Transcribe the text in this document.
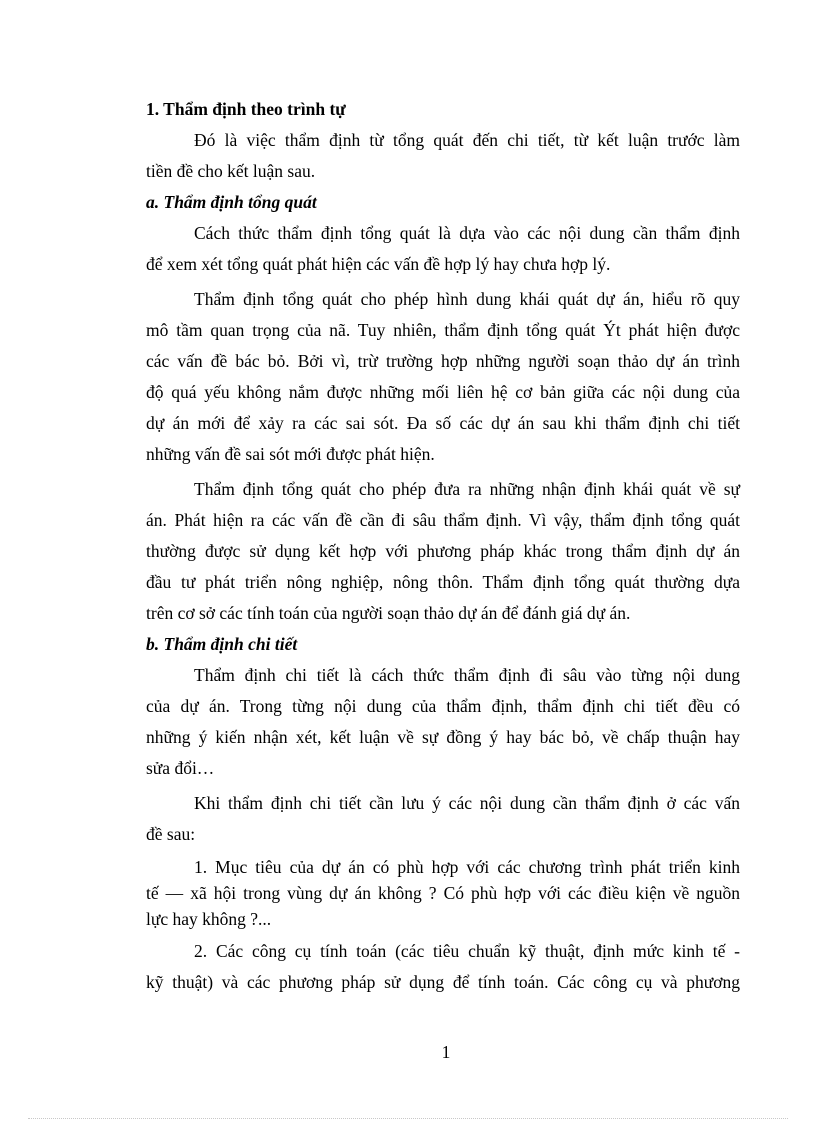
1. Thẩm định theo trình tự

Đó là việc thẩm định từ tổng quát đến chi tiết, từ kết luận trước làm

tiền đề cho kết luận sau.

a. Thẩm định tổng quát

Cách thức thẩm định tổng quát là dựa vào các nội dung cần thẩm định

để xem xét tổng quát phát hiện các vấn đề hợp lý hay chưa hợp lý.

Thẩm định tổng quát cho phép hình dung khái quát dự án, hiểu rõ quy

mô tầm quan trọng của nã. Tuy nhiên, thẩm định tổng quát Ýt phát hiện được

các vấn đề bác bỏ. Bởi vì, trừ trường hợp những người soạn thảo dự án trình

độ quá yếu không nắm được những mối liên hệ cơ bản giữa các nội dung của

dự án mới để xảy ra các sai sót. Đa số các dự án sau khi thẩm định chi tiết

những vấn đề sai sót mới được phát hiện.

Thẩm định tổng quát cho phép đưa ra những nhận định khái quát về sự

án. Phát hiện ra các vấn đề cần đi sâu thẩm định. Vì vậy, thẩm định tổng quát

thường được sử dụng kết hợp với phương pháp khác trong thẩm định dự án

đầu tư phát triển nông nghiệp, nông thôn. Thẩm định tổng quát thường dựa

trên cơ sở các tính toán của người soạn thảo dự án để đánh giá dự án.

b. Thẩm định chi tiết

Thẩm định chi tiết là cách thức thẩm định đi sâu vào từng nội dung

của dự án. Trong từng nội dung của thẩm định, thẩm định chi tiết đều có

những ý kiến nhận xét, kết luận về sự đồng ý hay bác bỏ, về chấp thuận hay

sửa đổi…

Khi thẩm định chi tiết cần lưu ý các nội dung cần thẩm định ở các vấn

đề sau:

1. Mục tiêu của dự án có phù hợp với các chương trình phát triển kinh

tế — xã hội trong vùng dự án không ? Có phù hợp với các điều kiện về nguồn

lực hay không ?...

2. Các công cụ tính toán (các tiêu chuẩn kỹ thuật, định mức kinh tế -

kỹ thuật) và các phương pháp sử dụng để tính toán. Các công cụ và phương

1
